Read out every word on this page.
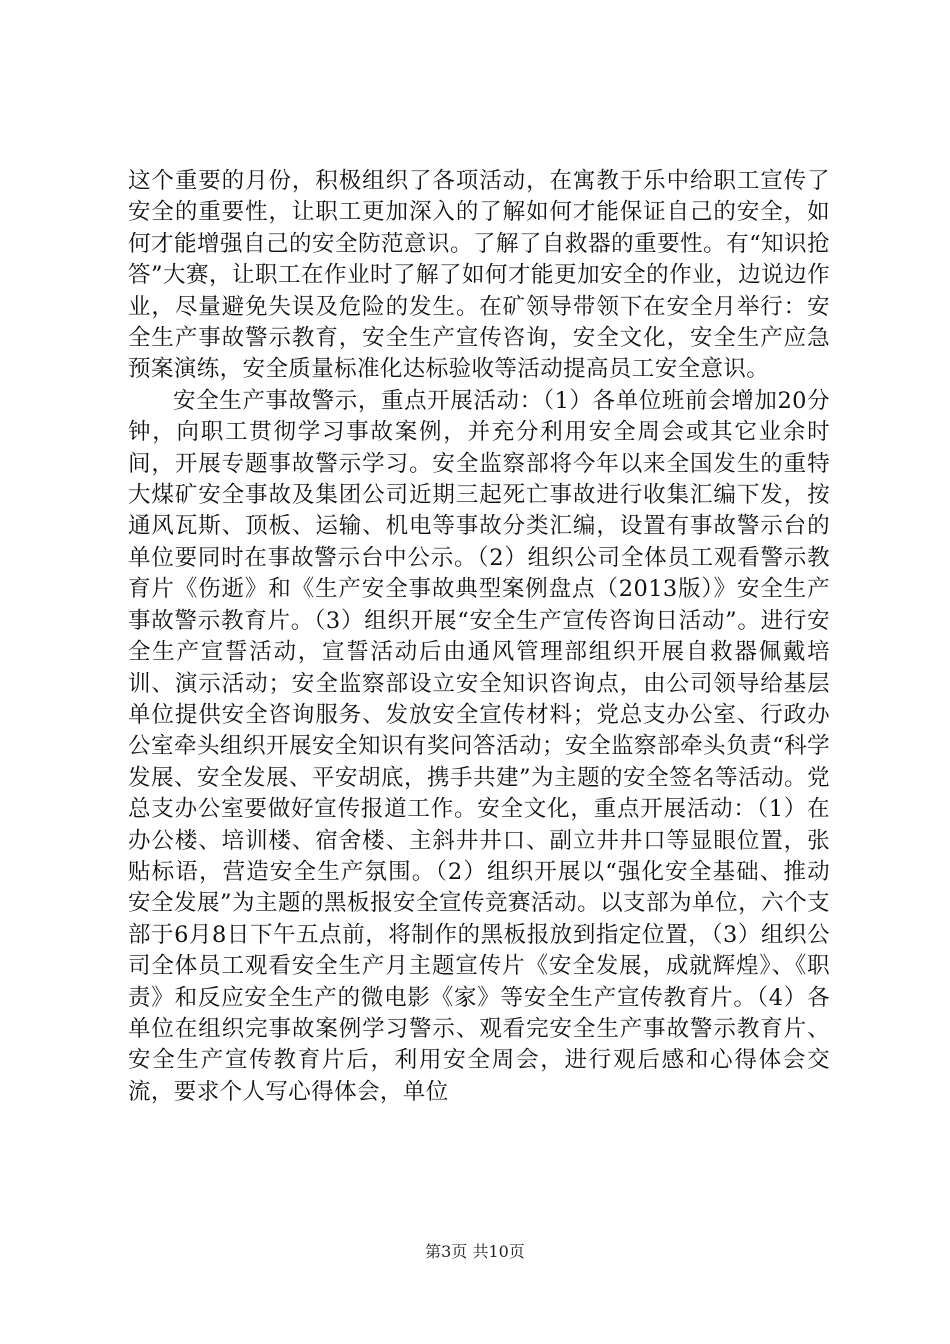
这个重要的月份，积极组织了各项活动，在寓教于乐中给职工宣传了安全的重要性，让职工更加深入的了解如何才能保证自己的安全，如何才能增强自己的安全防范意识。了解了自救器的重要性。有“知识抢答”大赛，让职工在作业时了解了如何才能更加安全的作业，边说边作业，尽量避免失误及危险的发生。在矿领导带领下在安全月举行：安全生产事故警示教育，安全生产宣传咨询，安全文化，安全生产应急预案演练，安全质量标准化达标验收等活动提高员工安全意识。

安全生产事故警示，重点开展活动：（1）各单位班前会增加20分钟，向职工贯彻学习事故案例，并充分利用安全周会或其它业余时间，开展专题事故警示学习。安全监察部将今年以来全国发生的重特大煤矿安全事故及集团公司近期三起死亡事故进行收集汇编下发，按通风瓦斯、顶板、运输、机电等事故分类汇编，设置有事故警示台的单位要同时在事故警示台中公示。（2）组织公司全体员工观看警示教育片《伤逝》和《生产安全事故典型案例盘点（2013版）》安全生产事故警示教育片。（3）组织开展“安全生产宣传咨询日活动”。进行安全生产宣誓活动，宣誓活动后由通风管理部组织开展自救器佩戴培训、演示活动；安全监察部设立安全知识咨询点，由公司领导给基层单位提供安全咨询服务、发放安全宣传材料；党总支办公室、行政办公室牵头组织开展安全知识有奖问答活动；安全监察部牵头负责“科学发展、安全发展、平安胡底，携手共建”为主题的安全签名等活动。党总支办公室要做好宣传报道工作。安全文化，重点开展活动：（1）在办公楼、培训楼、宿舍楼、主斜井井口、副立井井口等显眼位置，张贴标语，营造安全生产氛围。（2）组织开展以“强化安全基础、推动安全发展”为主题的黑板报安全宣传竞赛活动。以支部为单位，六个支部于6月8日下午五点前，将制作的黑板报放到指定位置，（3）组织公司全体员工观看安全生产月主题宣传片《安全发展，成就辉煌》、《职责》和反应安全生产的微电影《家》等安全生产宣传教育片。（4）各单位在组织完事故案例学习警示、观看完安全生产事故警示教育片、安全生产宣传教育片后，利用安全周会，进行观后感和心得体会交流，要求个人写心得体会，单位

第3页 共10页
